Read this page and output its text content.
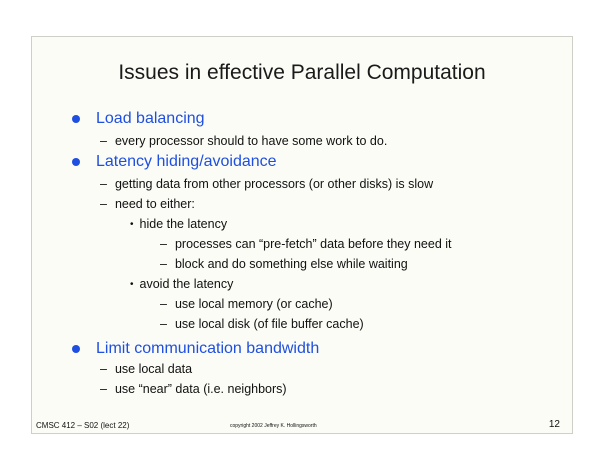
Issues in effective Parallel Computation
Load balancing
– every processor should to have some work to do.
Latency hiding/avoidance
– getting data from other processors (or other disks) is slow
– need to either:
• hide the latency
– processes can “pre-fetch” data before they need it
– block and do something else while waiting
• avoid the latency
– use local memory (or cache)
– use local disk (of file buffer cache)
Limit communication bandwidth
– use local data
– use “near” data (i.e. neighbors)
CMSC 412 – S02 (lect 22)	copyright 2002 Jeffrey K. Hollingsworth	12
